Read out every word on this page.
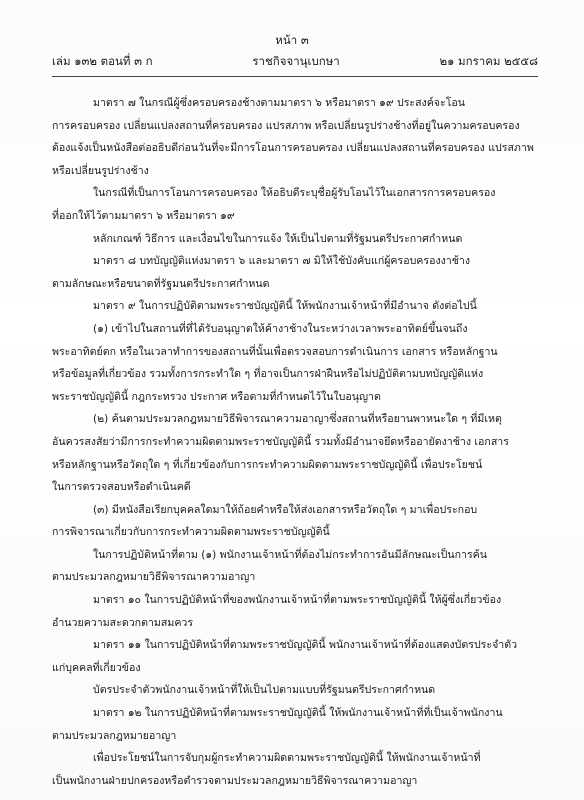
หน้า ๓
เล่ม ๑๓๒ ตอนที่ ๓ ก	ราชกิจจานุเบกษา	๒๑ มกราคม ๒๕๕๘
มาตรา ๗ ในกรณีผู้ซึ่งครอบครองช้างตามมาตรา ๖ หรือมาตรา ๑๙ ประสงค์จะโอน
การครอบครอง เปลี่ยนแปลงสถานที่ครอบครอง แปรสภาพ หรือเปลี่ยนรูปร่างช้างที่อยู่ในความครอบครอง
ต้องแจ้งเป็นหนังสือต่ออธิบดีก่อนวันที่จะมีการโอนการครอบครอง เปลี่ยนแปลงสถานที่ครอบครอง แปรสภาพ
หรือเปลี่ยนรูปร่างช้าง
ในกรณีที่เป็นการโอนการครอบครอง ให้อธิบดีระบุชื่อผู้รับโอนไว้ในเอกสารการครอบครอง
ที่ออกให้ไว้ตามมาตรา ๖ หรือมาตรา ๑๙
หลักเกณฑ์ วิธีการ และเงื่อนไขในการแจ้ง ให้เป็นไปตามที่รัฐมนตรีประกาศกำหนด
มาตรา ๘ บทบัญญัติแห่งมาตรา ๖ และมาตรา ๗ มิให้ใช้บังคับแก่ผู้ครอบครองงาช้าง
ตามลักษณะหรือขนาดที่รัฐมนตรีประกาศกำหนด
มาตรา ๙ ในการปฏิบัติตามพระราชบัญญัตินี้ ให้พนักงานเจ้าหน้าที่มีอำนาจ ดังต่อไปนี้
(๑) เข้าไปในสถานที่ที่ได้รับอนุญาตให้ค้างาช้างในระหว่างเวลาพระอาทิตย์ขึ้นจนถึง
พระอาทิตย์ตก หรือในเวลาทำการของสถานที่นั้นเพื่อตรวจสอบการดำเนินการ เอกสาร หรือหลักฐาน
หรือข้อมูลที่เกี่ยวข้อง รวมทั้งการกระทำใด ๆ ที่อาจเป็นการฝ่าฝืนหรือไม่ปฏิบัติตามบทบัญญัติแห่ง
พระราชบัญญัตินี้ กฎกระทรวง ประกาศ หรือตามที่กำหนดไว้ในใบอนุญาต
(๒) ค้นตามประมวลกฎหมายวิธีพิจารณาความอาญาซึ่งสถานที่หรือยานพาหนะใด ๆ ที่มีเหตุ
อันควรสงสัยว่ามีการกระทำความผิดตามพระราชบัญญัตินี้ รวมทั้งมีอำนาจยึดหรืออายัดงาช้าง เอกสาร
หรือหลักฐานหรือวัตถุใด ๆ ที่เกี่ยวข้องกับการกระทำความผิดตามพระราชบัญญัตินี้ เพื่อประโยชน์
ในการตรวจสอบหรือดำเนินคดี
(๓) มีหนังสือเรียกบุคคลใดมาให้ถ้อยคำหรือให้ส่งเอกสารหรือวัตถุใด ๆ มาเพื่อประกอบ
การพิจารณาเกี่ยวกับการกระทำความผิดตามพระราชบัญญัตินี้
ในการปฏิบัติหน้าที่ตาม (๑) พนักงานเจ้าหน้าที่ต้องไม่กระทำการอันมีลักษณะเป็นการค้น
ตามประมวลกฎหมายวิธีพิจารณาความอาญา
มาตรา ๑๐ ในการปฏิบัติหน้าที่ของพนักงานเจ้าหน้าที่ตามพระราชบัญญัตินี้ ให้ผู้ซึ่งเกี่ยวข้อง
อำนวยความสะดวกตามสมควร
มาตรา ๑๑ ในการปฏิบัติหน้าที่ตามพระราชบัญญัตินี้ พนักงานเจ้าหน้าที่ต้องแสดงบัตรประจำตัว
แก่บุคคลที่เกี่ยวข้อง
บัตรประจำตัวพนักงานเจ้าหน้าที่ให้เป็นไปตามแบบที่รัฐมนตรีประกาศกำหนด
มาตรา ๑๒ ในการปฏิบัติหน้าที่ตามพระราชบัญญัตินี้ ให้พนักงานเจ้าหน้าที่ที่เป็นเจ้าพนักงาน
ตามประมวลกฎหมายอาญา
เพื่อประโยชน์ในการจับกุมผู้กระทำความผิดตามพระราชบัญญัตินี้ ให้พนักงานเจ้าหน้าที่
เป็นพนักงานฝ่ายปกครองหรือตำรวจตามประมวลกฎหมายวิธีพิจารณาความอาญา
